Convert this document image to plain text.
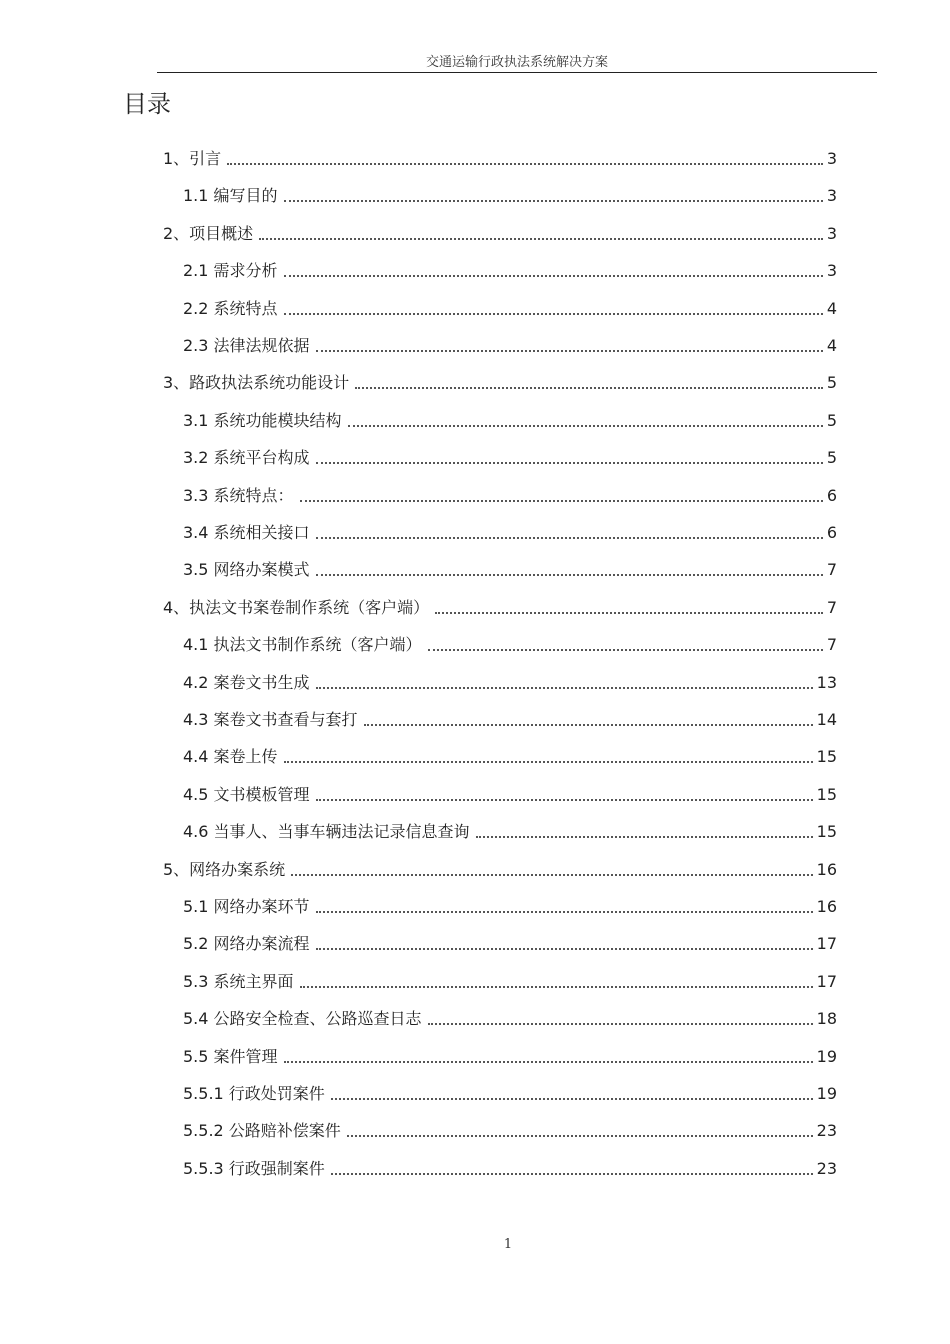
交通运输行政执法系统解决方案
目录
1、引言	3
1.1 编写目的	3
2、项目概述	3
2.1 需求分析	3
2.2 系统特点	4
2.3 法律法规依据	4
3、路政执法系统功能设计	5
3.1 系统功能模块结构	5
3.2 系统平台构成	5
3.3 系统特点：	6
3.4 系统相关接口	6
3.5 网络办案模式	7
4、执法文书案卷制作系统（客户端）	7
4.1 执法文书制作系统（客户端）	7
4.2 案卷文书生成	13
4.3 案卷文书查看与套打	14
4.4 案卷上传	15
4.5 文书模板管理	15
4.6 当事人、当事车辆违法记录信息查询	15
5、网络办案系统	16
5.1 网络办案环节	16
5.2 网络办案流程	17
5.3 系统主界面	17
5.4 公路安全检查、公路巡查日志	18
5.5 案件管理	19
5.5.1 行政处罚案件	19
5.5.2 公路赔补偿案件	23
5.5.3 行政强制案件	23
1
